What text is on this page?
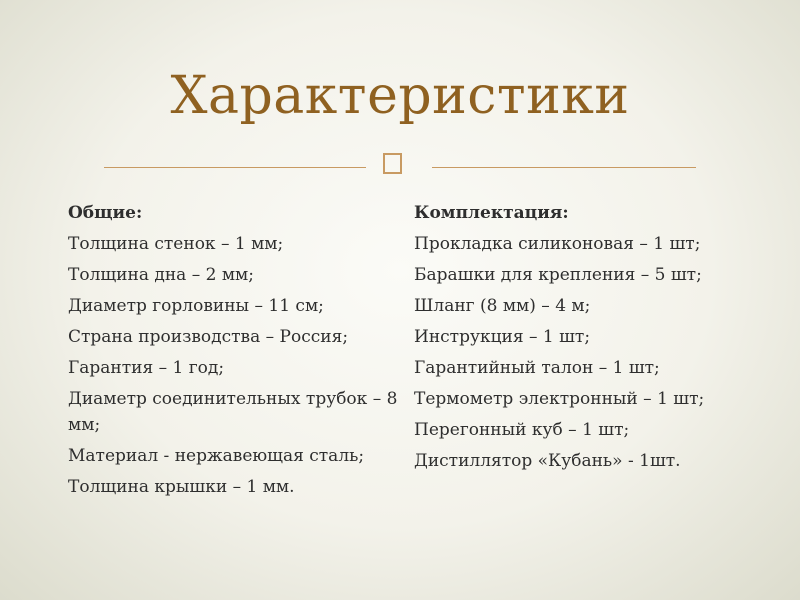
Характеристики
Общие:
Толщина стенок – 1 мм;
Толщина дна – 2 мм;
Диаметр горловины – 11 см;
Страна производства – Россия;
Гарантия – 1 год;
Диаметр соединительных трубок – 8 мм;
Материал - нержавеющая сталь;
Толщина крышки – 1 мм.
Комплектация:
Прокладка силиконовая – 1 шт;
Барашки для крепления – 5 шт;
Шланг (8 мм) – 4 м;
Инструкция – 1 шт;
Гарантийный талон – 1 шт;
Термометр электронный – 1 шт;
Перегонный куб – 1 шт;
Дистиллятор «Кубань» - 1шт.
